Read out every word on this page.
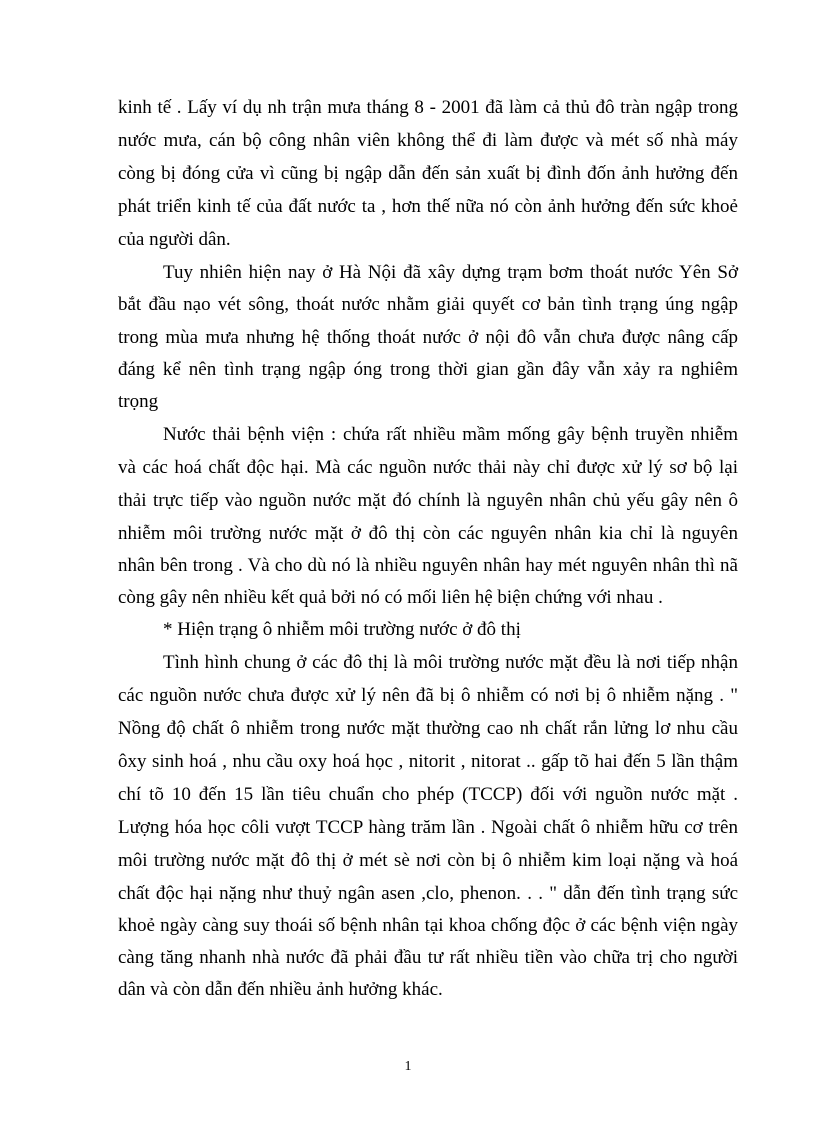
kinh tế . Lấy ví dụ nh trận mưa tháng 8 - 2001 đã làm cả thủ đô tràn ngập trong
nước mưa, cán bộ công nhân viên không thể đi làm được và mét số nhà máy
còng bị đóng cửa vì cũng bị ngập dẫn đến sản xuất bị đình đốn ảnh hưởng đến
phát triển kinh tế của đất nước ta , hơn thế nữa nó còn ảnh hưởng đến sức khoẻ
của người dân.
Tuy nhiên hiện nay ở Hà Nội đã xây dựng trạm bơm thoát nước Yên Sở
bắt đầu nạo vét sông, thoát nước nhằm giải quyết cơ bản tình trạng úng ngập
trong mùa mưa nhưng hệ thống thoát nước ở nội đô vẫn chưa được nâng cấp
đáng kể nên tình trạng ngập óng trong thời gian gần đây vẫn xảy ra nghiêm
trọng
Nước thải bệnh viện : chứa rất nhiều mầm mống gây bệnh truyền nhiễm
và các hoá chất độc hại. Mà các nguồn nước thải này chỉ được xử lý sơ bộ lại
thải trực tiếp vào nguồn nước mặt đó chính là nguyên nhân chủ yếu gây nên ô
nhiễm môi trường nước mặt ở đô thị còn các nguyên nhân kia chỉ là nguyên
nhân bên trong . Và cho dù nó là nhiều nguyên nhân hay mét nguyên nhân thì nã
còng gây nên nhiều kết quả bởi nó có mối liên hệ biện chứng với nhau .
* Hiện trạng ô nhiễm môi trường nước ở đô thị
Tình hình chung ở các đô thị là môi trường nước mặt đều là nơi tiếp nhận
các nguồn nước chưa được xử lý nên đã bị ô nhiễm có nơi bị ô nhiễm nặng . "
Nồng độ chất ô nhiễm trong nước mặt thường cao nh chất rắn lửng lơ nhu cầu
ôxy sinh hoá , nhu cầu oxy hoá học , nitorit , nitorat .. gấp tõ hai đến 5 lần thậm
chí tõ 10 đến 15 lần tiêu chuẩn cho phép (TCCP) đối với nguồn nước mặt .
Lượng hóa học côli vượt TCCP hàng trăm lần . Ngoài chất ô nhiễm hữu cơ trên
môi trường nước mặt đô thị ở mét sè nơi còn bị ô nhiễm kim loại nặng và hoá
chất độc hại nặng như thuỷ ngân asen ,clo, phenon. . . " dẫn đến tình trạng sức
khoẻ ngày càng suy thoái số bệnh nhân tại khoa chống độc ở các bệnh viện ngày
càng tăng nhanh nhà nước đã phải đầu tư rất nhiều tiền vào chữa trị cho người
dân và còn dẫn đến nhiều ảnh hưởng khác.
1
